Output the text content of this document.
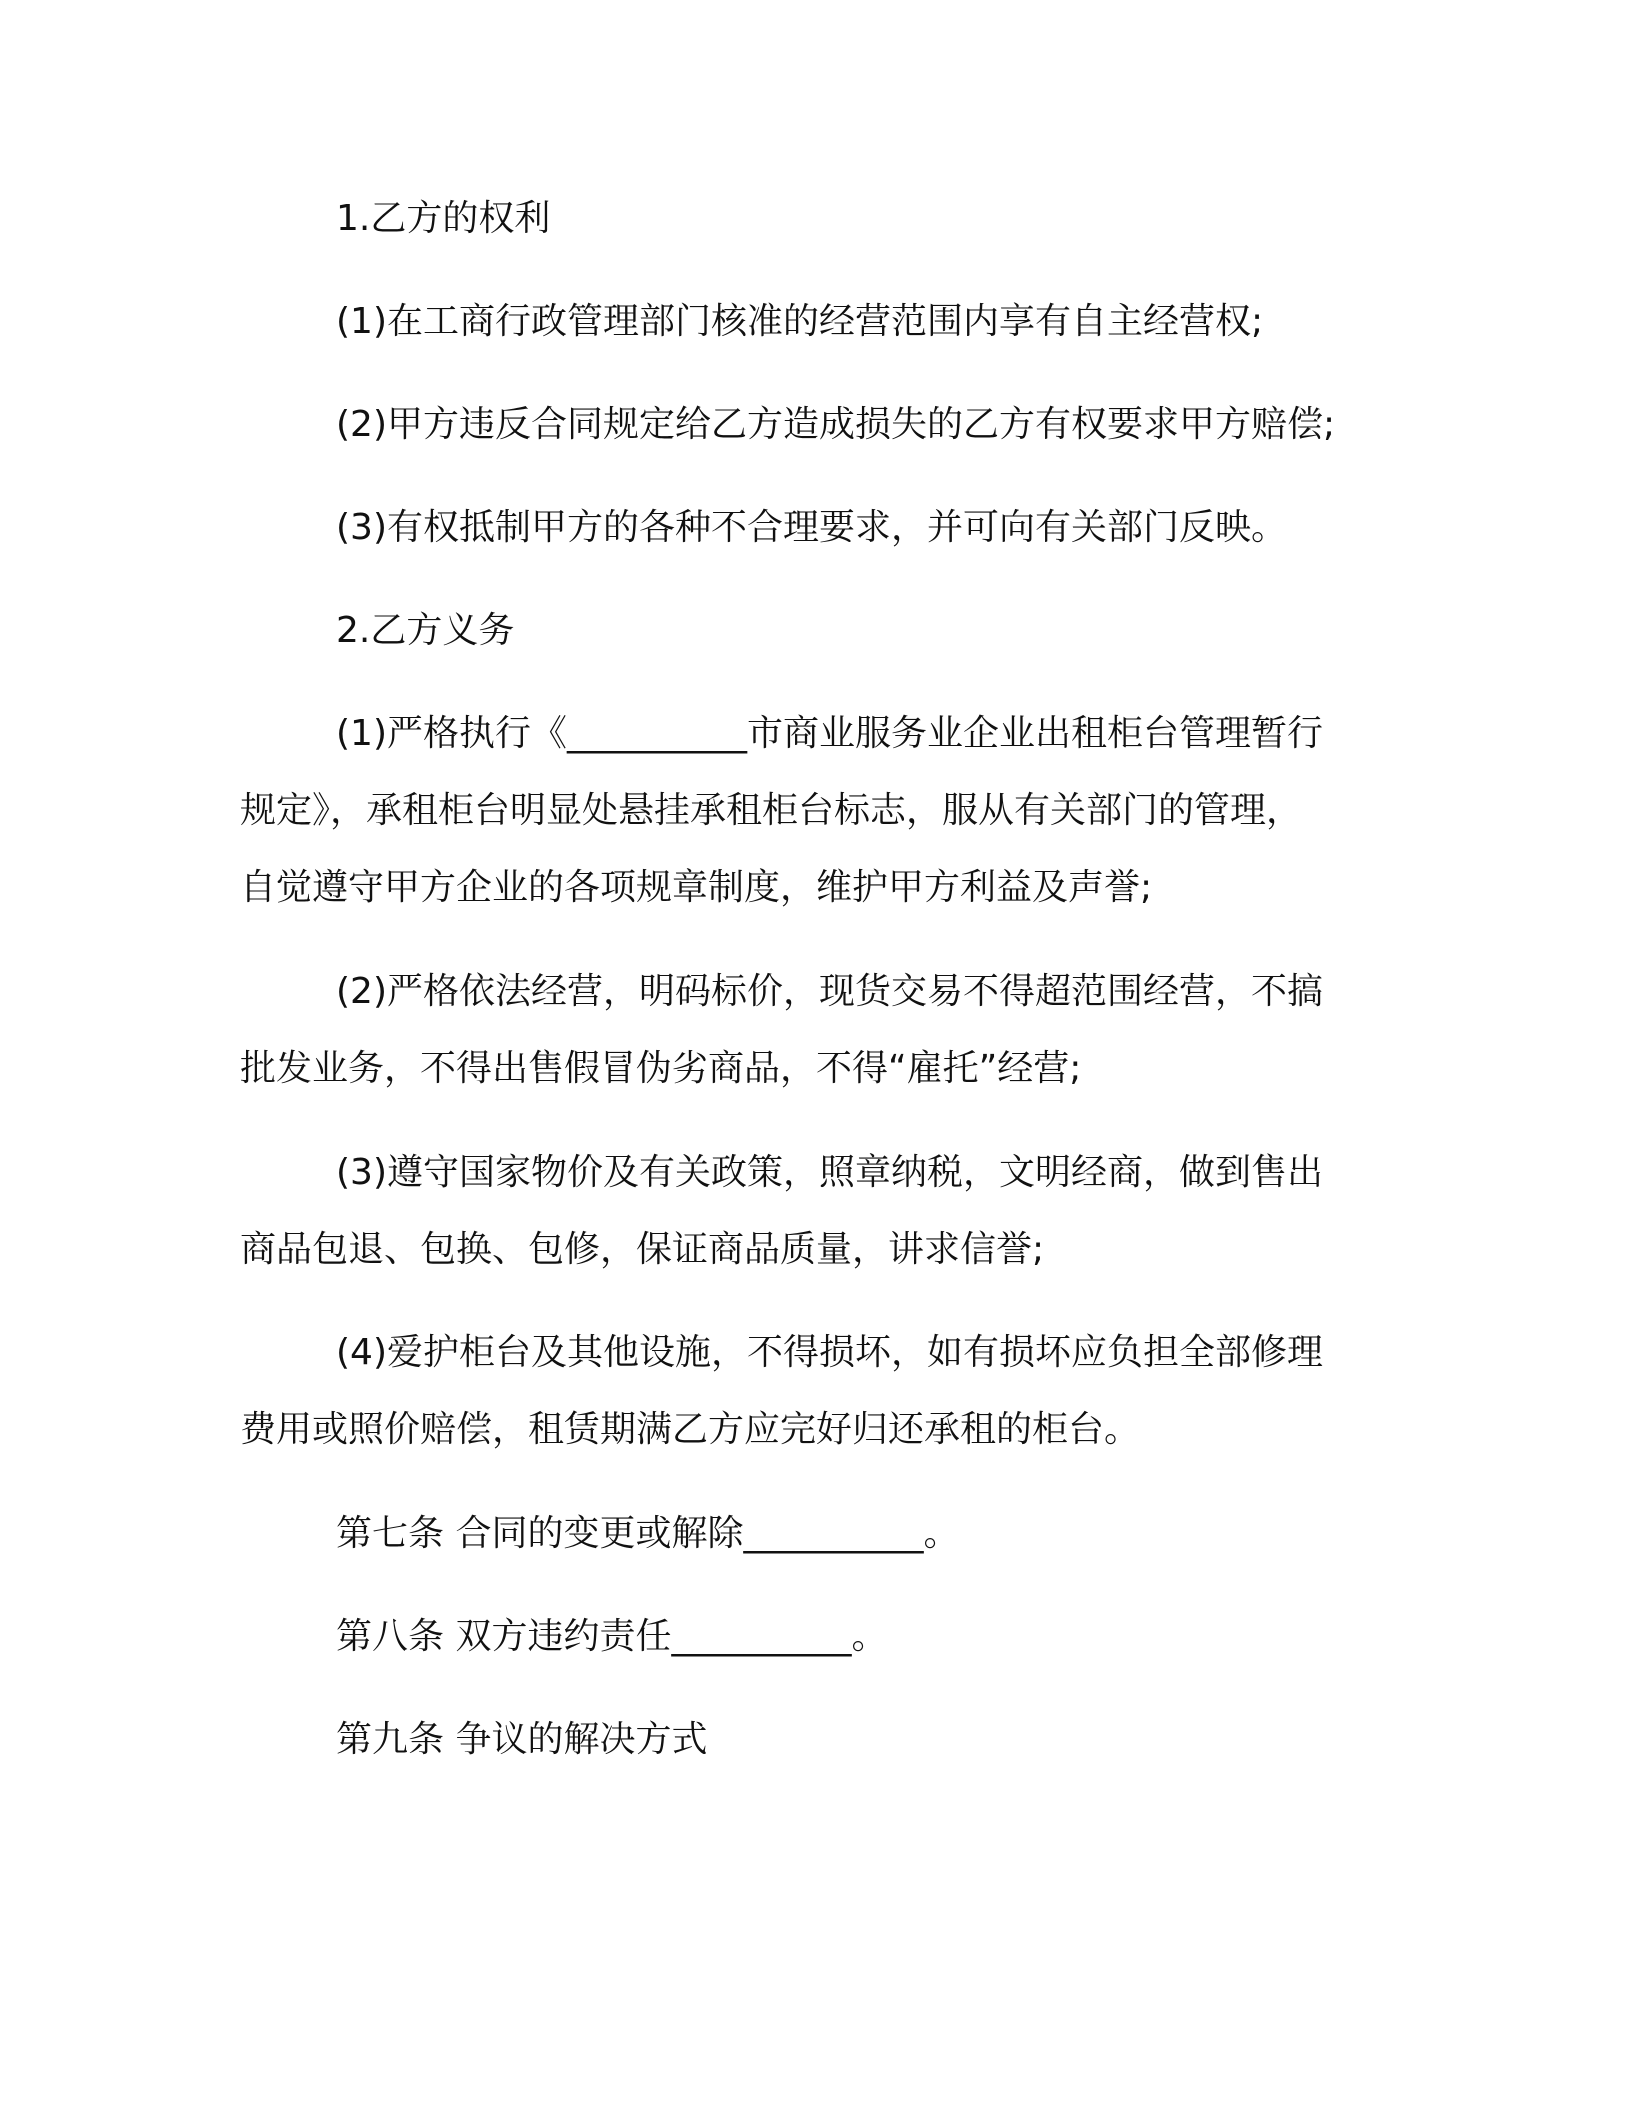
1.乙方的权利
(1)在工商行政管理部门核准的经营范围内享有自主经营权;
(2)甲方违反合同规定给乙方造成损失的乙方有权要求甲方赔偿;
(3)有权抵制甲方的各种不合理要求，并可向有关部门反映。
2.乙方义务
(1)严格执行《__________市商业服务业企业出租柜台管理暂行
规定》，承租柜台明显处悬挂承租柜台标志，服从有关部门的管理，
自觉遵守甲方企业的各项规章制度，维护甲方利益及声誉;
(2)严格依法经营，明码标价，现货交易不得超范围经营，不搞
批发业务，不得出售假冒伪劣商品，不得“雇托”经营;
(3)遵守国家物价及有关政策，照章纳税，文明经商，做到售出
商品包退、包换、包修，保证商品质量，讲求信誉;
(4)爱护柜台及其他设施，不得损坏，如有损坏应负担全部修理
费用或照价赔偿，租赁期满乙方应完好归还承租的柜台。
第七条 合同的变更或解除__________。
第八条 双方违约责任__________。
第九条 争议的解决方式
